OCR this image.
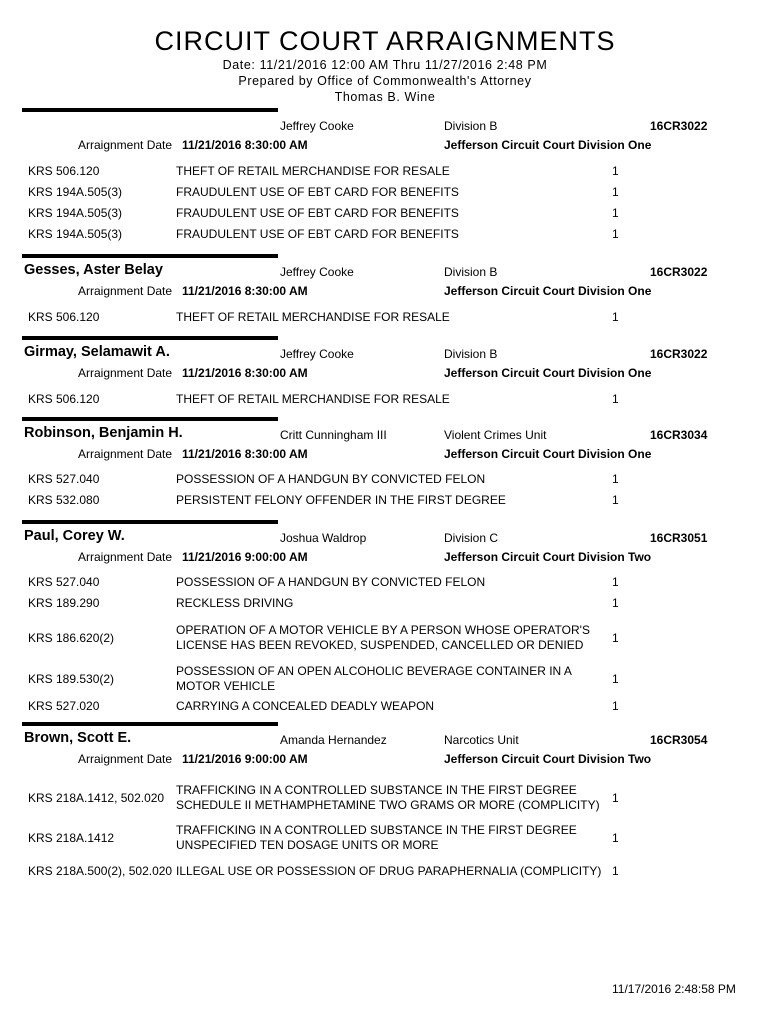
CIRCUIT COURT ARRAIGNMENTS
Date: 11/21/2016 12:00 AM Thru 11/27/2016 2:48 PM
Prepared by Office of Commonwealth's Attorney
Thomas B. Wine
Jeffrey Cooke	Division B	16CR3022
Arraignment Date 11/21/2016 8:30:00 AM	Jefferson Circuit Court Division One
KRS 506.120	THEFT OF RETAIL MERCHANDISE FOR RESALE	1
KRS 194A.505(3)	FRAUDULENT USE OF EBT CARD FOR BENEFITS	1
KRS 194A.505(3)	FRAUDULENT USE OF EBT CARD FOR BENEFITS	1
KRS 194A.505(3)	FRAUDULENT USE OF EBT CARD FOR BENEFITS	1
Gesses, Aster Belay	Jeffrey Cooke	Division B	16CR3022
Arraignment Date 11/21/2016 8:30:00 AM	Jefferson Circuit Court Division One
KRS 506.120	THEFT OF RETAIL MERCHANDISE FOR RESALE	1
Girmay, Selamawit A.	Jeffrey Cooke	Division B	16CR3022
Arraignment Date 11/21/2016 8:30:00 AM	Jefferson Circuit Court Division One
KRS 506.120	THEFT OF RETAIL MERCHANDISE FOR RESALE	1
Robinson, Benjamin H.	Critt Cunningham III	Violent Crimes Unit	16CR3034
Arraignment Date 11/21/2016 8:30:00 AM	Jefferson Circuit Court Division One
KRS 527.040	POSSESSION OF A HANDGUN BY CONVICTED FELON	1
KRS 532.080	PERSISTENT FELONY OFFENDER IN THE FIRST DEGREE	1
Paul, Corey W.	Joshua Waldrop	Division C	16CR3051
Arraignment Date 11/21/2016 9:00:00 AM	Jefferson Circuit Court Division Two
KRS 527.040	POSSESSION OF A HANDGUN BY CONVICTED FELON	1
KRS 189.290	RECKLESS DRIVING	1
KRS 186.620(2)	OPERATION OF A MOTOR VEHICLE BY A PERSON WHOSE OPERATOR'S LICENSE HAS BEEN REVOKED, SUSPENDED, CANCELLED OR DENIED	1
KRS 189.530(2)	POSSESSION OF AN OPEN ALCOHOLIC BEVERAGE CONTAINER IN A MOTOR VEHICLE	1
KRS 527.020	CARRYING A CONCEALED DEADLY WEAPON	1
Brown, Scott E.	Amanda Hernandez	Narcotics Unit	16CR3054
Arraignment Date 11/21/2016 9:00:00 AM	Jefferson Circuit Court Division Two
KRS 218A.1412, 502.020	TRAFFICKING IN A CONTROLLED SUBSTANCE IN THE FIRST DEGREE SCHEDULE II METHAMPHETAMINE TWO GRAMS OR MORE (COMPLICITY)	1
KRS 218A.1412	TRAFFICKING IN A CONTROLLED SUBSTANCE IN THE FIRST DEGREE UNSPECIFIED TEN DOSAGE UNITS OR MORE	1
KRS 218A.500(2), 502.020	ILLEGAL USE OR POSSESSION OF DRUG PARAPHERNALIA (COMPLICITY)	1
11/17/2016 2:48:58 PM
